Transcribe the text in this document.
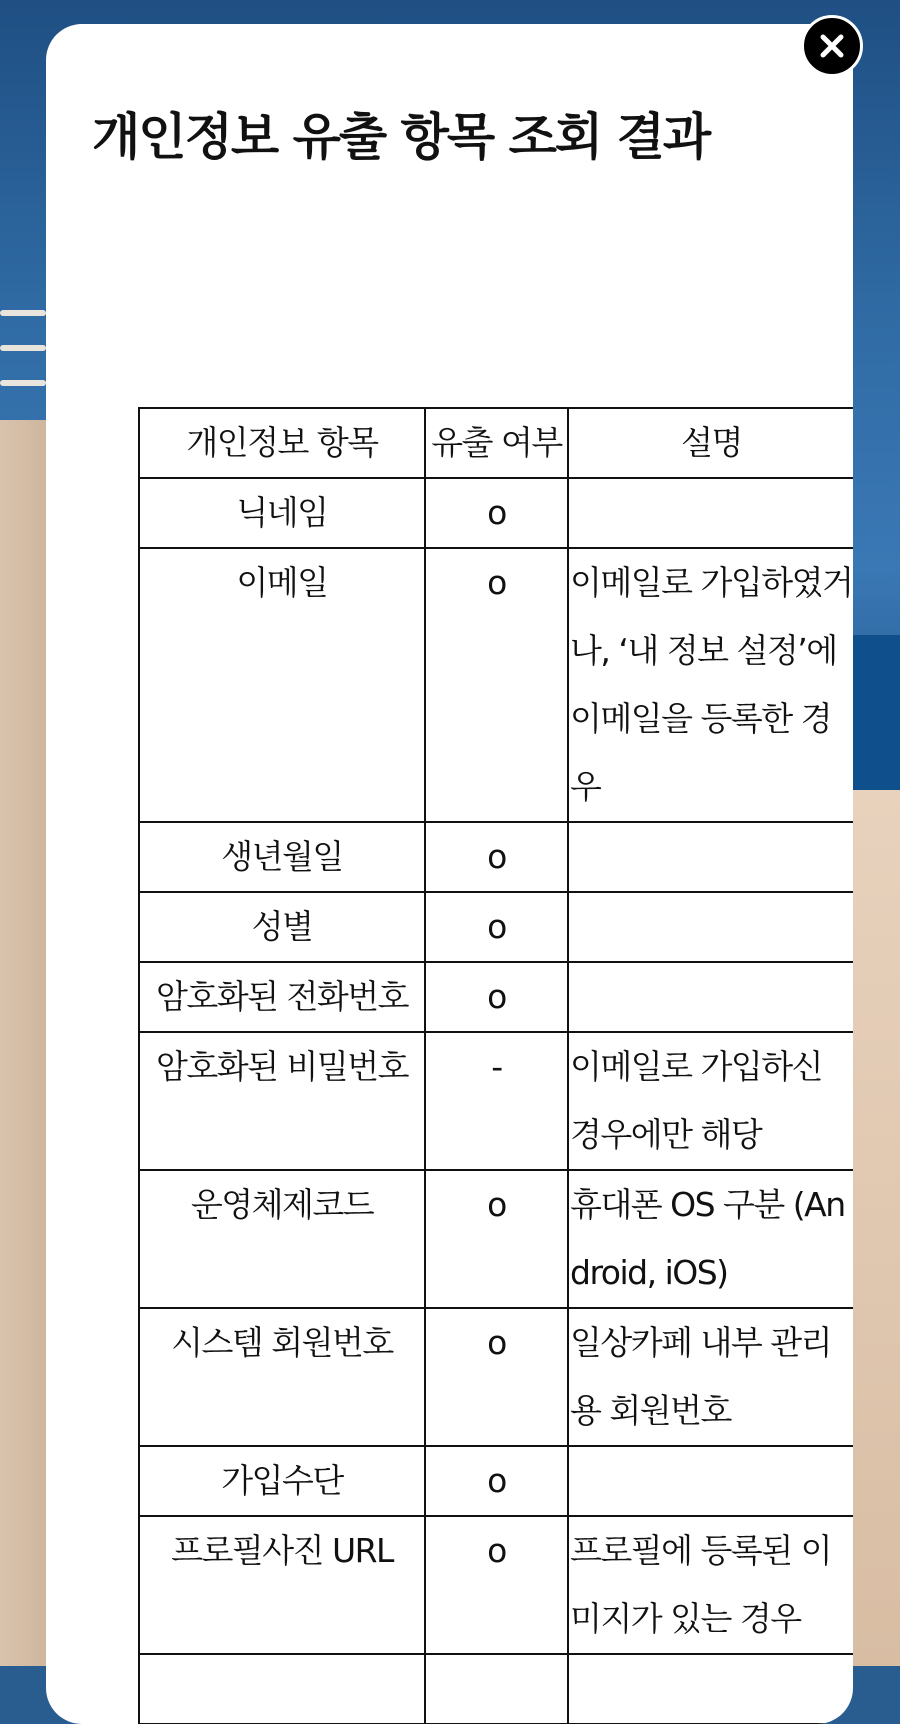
개인정보 유출 항목 조회 결과
개인정보 항목	유출 여부	설명
닉네임	o	
이메일	o	이메일로 가입하였거나, ‘내 정보 설정’에 이메일을 등록한 경우
생년월일	o	
성별	o	
암호화된 전화번호	o	
암호화된 비밀번호	-	이메일로 가입하신 경우에만 해당
운영체제코드	o	휴대폰 OS 구분 (Android, iOS)
시스템 회원번호	o	일상카페 내부 관리용 회원번호
가입수단	o	
프로필사진 URL	o	프로필에 등록된 이미지가 있는 경우
